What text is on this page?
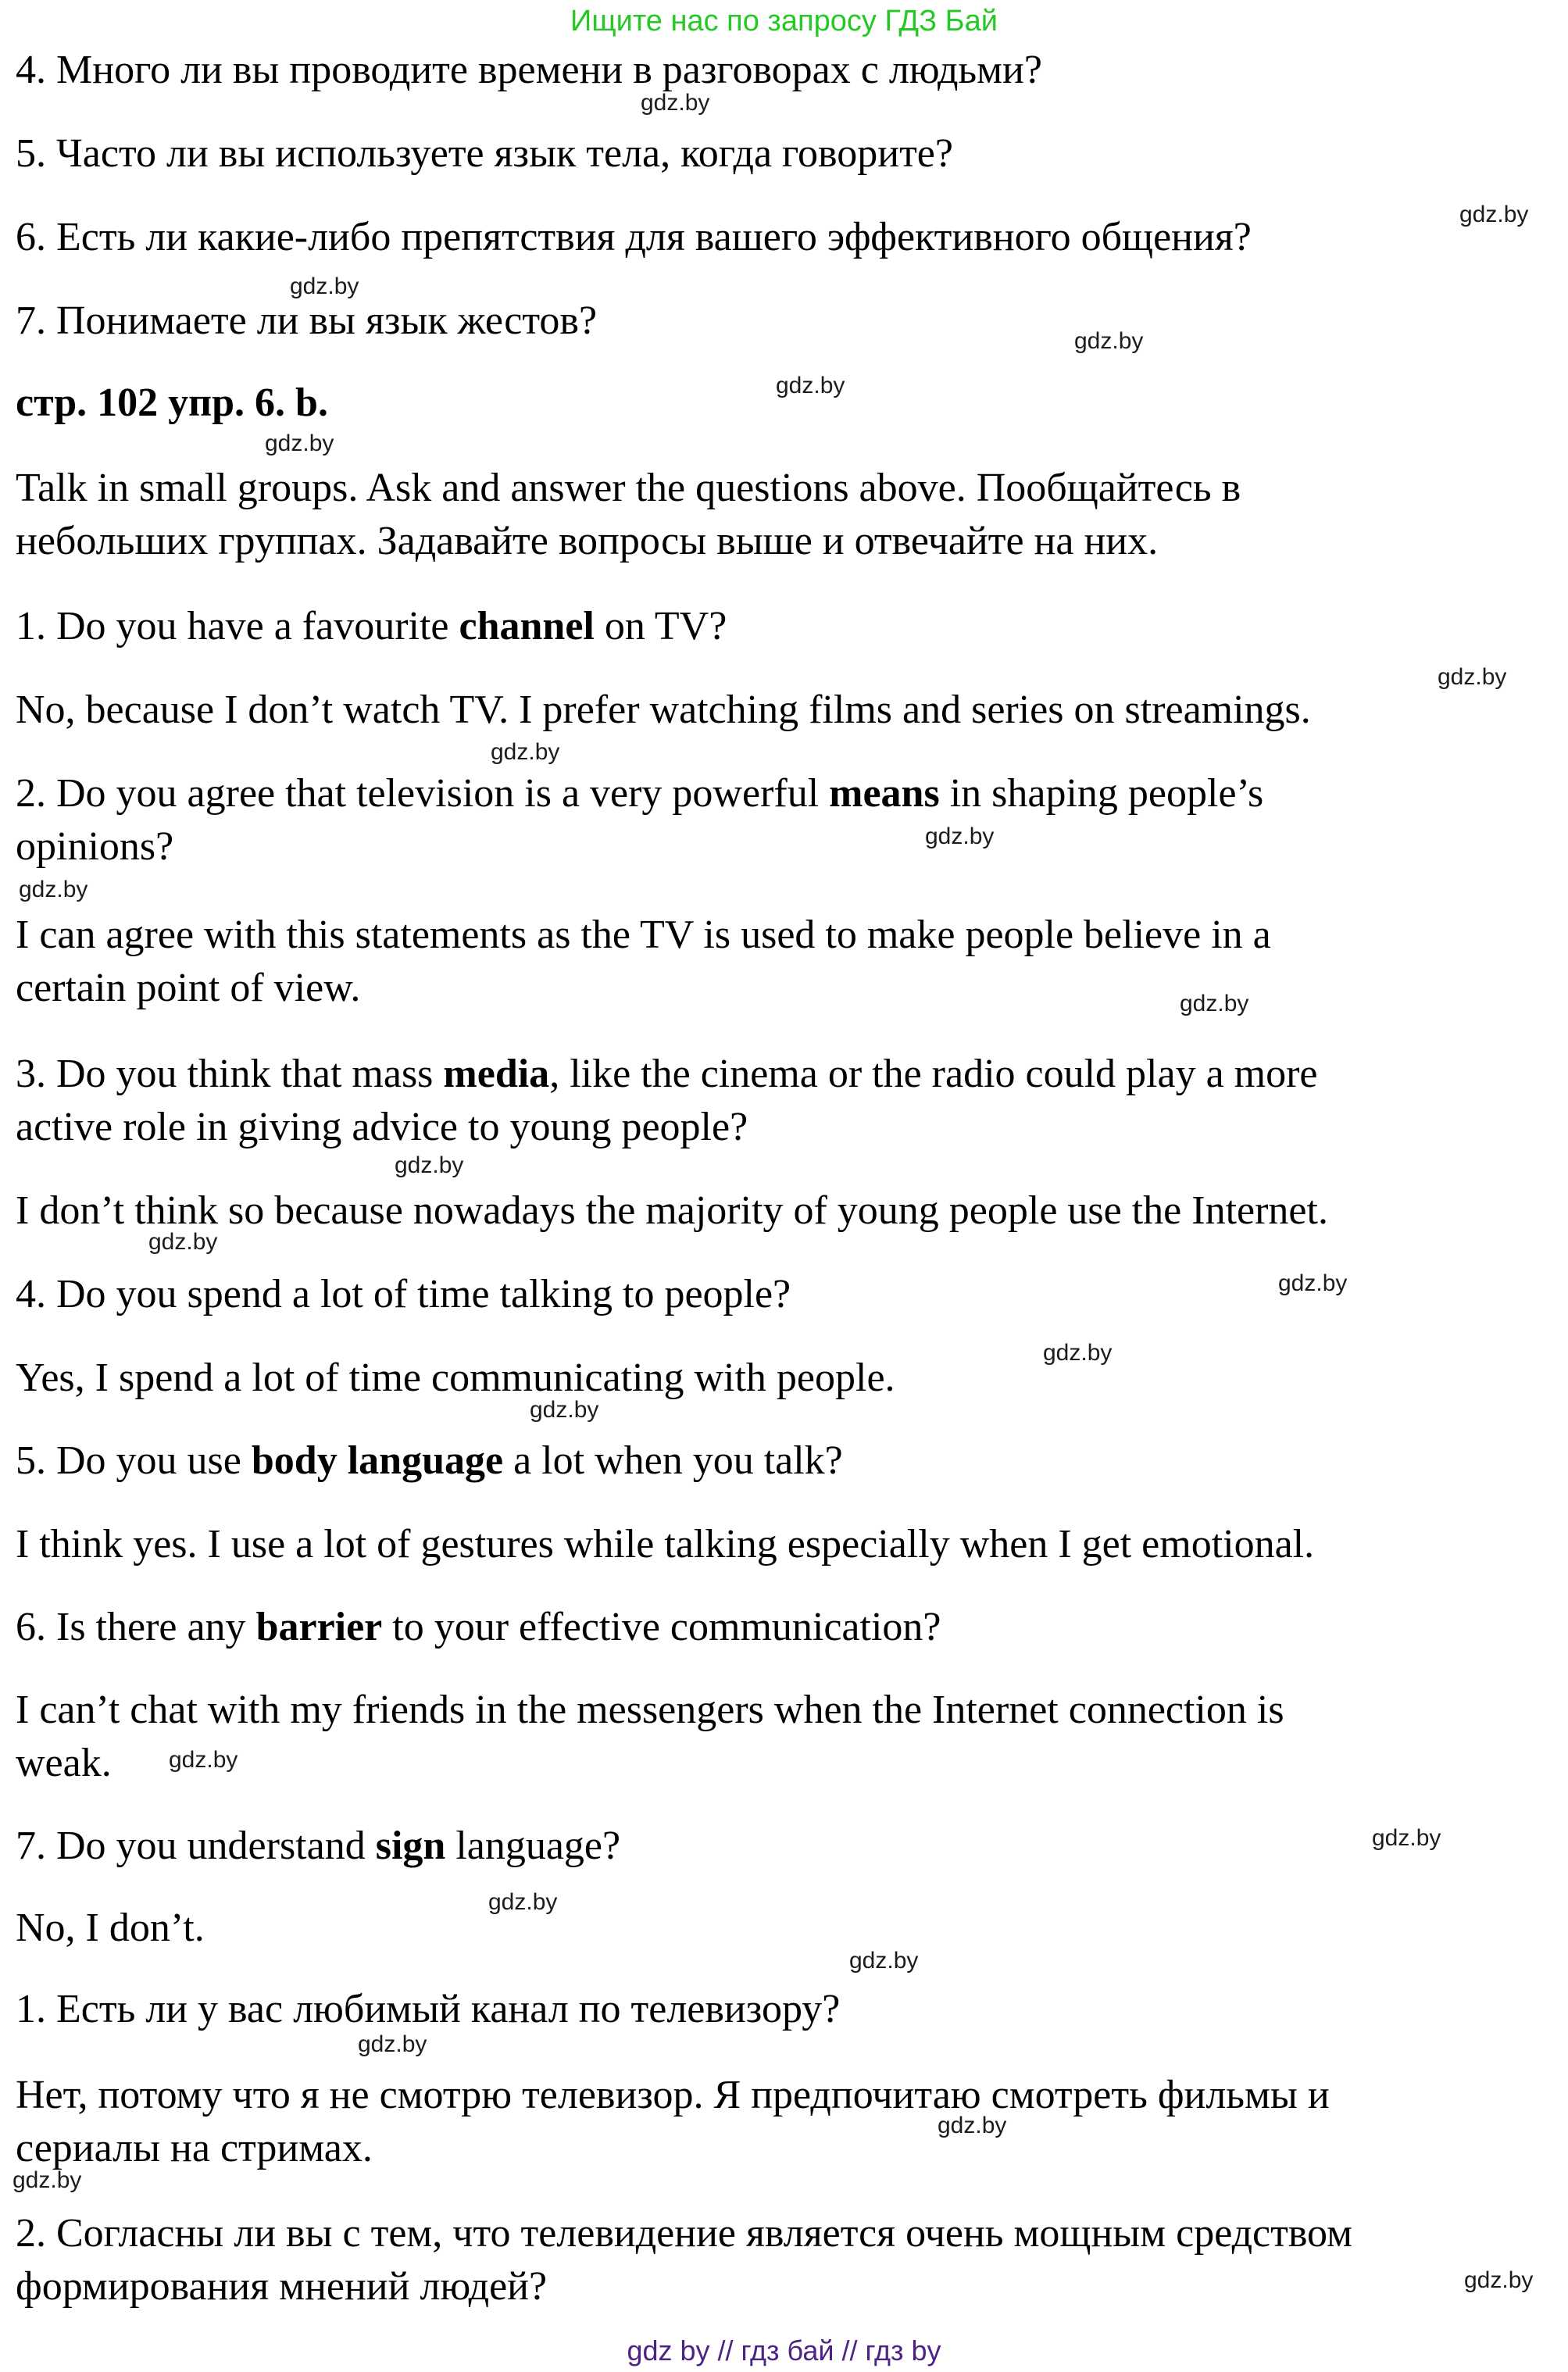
Ищите нас по запросу ГДЗ Бай

4. Много ли вы проводите времени в разговорах с людьми?

5. Часто ли вы используете язык тела, когда говорите?

6. Есть ли какие-либо препятствия для вашего эффективного общения?

7. Понимаете ли вы язык жестов?

стр. 102 упр. 6. b.

Talk in small groups. Ask and answer the questions above. Пообщайтесь в
небольших группах. Задавайте вопросы выше и отвечайте на них.

1. Do you have a favourite channel on TV?

No, because I don’t watch TV. I prefer watching films and series on streamings.

2. Do you agree that television is a very powerful means in shaping people’s
opinions?

I can agree with this statements as the TV is used to make people believe in a
certain point of view.

3. Do you think that mass media, like the cinema or the radio could play a more
active role in giving advice to young people?

I don’t think so because nowadays the majority of young people use the Internet.

4. Do you spend a lot of time talking to people?

Yes, I spend a lot of time communicating with people.

5. Do you use body language a lot when you talk?

I think yes. I use a lot of gestures while talking especially when I get emotional.

6. Is there any barrier to your effective communication?

I can’t chat with my friends in the messengers when the Internet connection is
weak.

7. Do you understand sign language?

No, I don’t.

1. Есть ли у вас любимый канал по телевизору?

Нет, потому что я не смотрю телевизор. Я предпочитаю смотреть фильмы и
сериалы на стримах.

2. Согласны ли вы с тем, что телевидение является очень мощным средством
формирования мнений людей?

gdz.by
gdz.by
gdz.by
gdz.by
gdz.by
gdz.by
gdz.by
gdz.by
gdz.by
gdz.by
gdz.by
gdz.by
gdz.by
gdz.by
gdz.by
gdz.by
gdz.by
gdz.by
gdz.by
gdz.by
gdz.by
gdz.by
gdz.by
gdz.by
gdz by // гдз бай // гдз by
